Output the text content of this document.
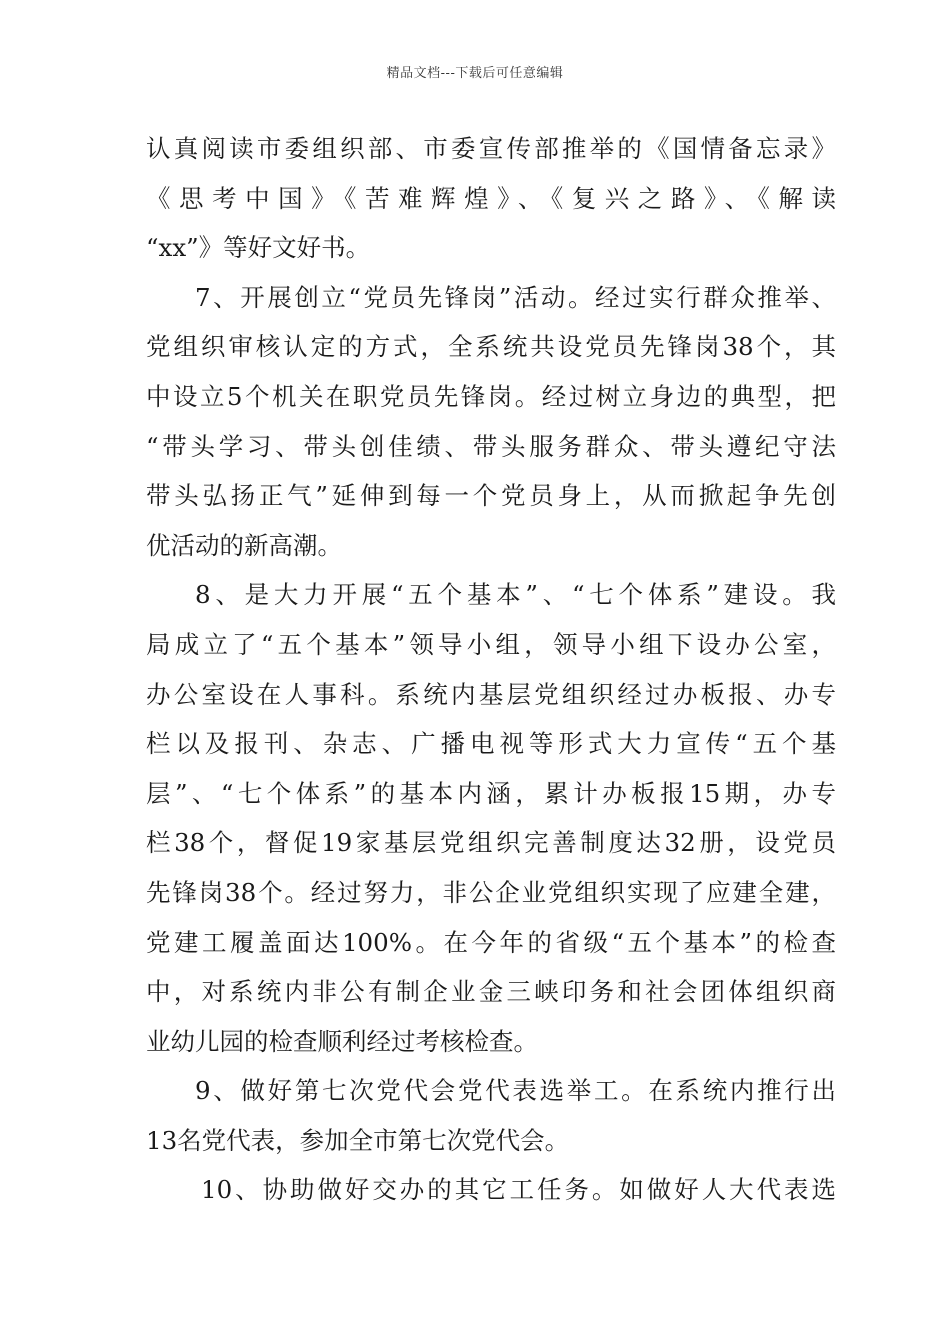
精品文档---下载后可任意编辑
认真阅读市委组织部、市委宣传部推举的《国情备忘录》
《思考中国》《苦难辉煌》、《复兴之路》、《解读
“xx”》等好文好书。
7、开展创立“党员先锋岗”活动。经过实行群众推举、
党组织审核认定的方式，全系统共设党员先锋岗38个，其
中设立5个机关在职党员先锋岗。经过树立身边的典型，把
“带头学习、带头创佳绩、带头服务群众、带头遵纪守法
带头弘扬正气”延伸到每一个党员身上，从而掀起争先创
优活动的新高潮。
8、是大力开展“五个基本”、“七个体系”建设。我
局成立了“五个基本”领导小组，领导小组下设办公室，
办公室设在人事科。系统内基层党组织经过办板报、办专
栏以及报刊、杂志、广播电视等形式大力宣传“五个基
层”、“七个体系”的基本内涵，累计办板报15期，办专
栏38个，督促19家基层党组织完善制度达32册，设党员
先锋岗38个。经过努力，非公企业党组织实现了应建全建，
党建工履盖面达100%。在今年的省级“五个基本”的检查
中，对系统内非公有制企业金三峡印务和社会团体组织商
业幼儿园的检查顺利经过考核检查。
9、做好第七次党代会党代表选举工。在系统内推行出
13名党代表，参加全市第七次党代会。
10、协助做好交办的其它工任务。如做好人大代表选
